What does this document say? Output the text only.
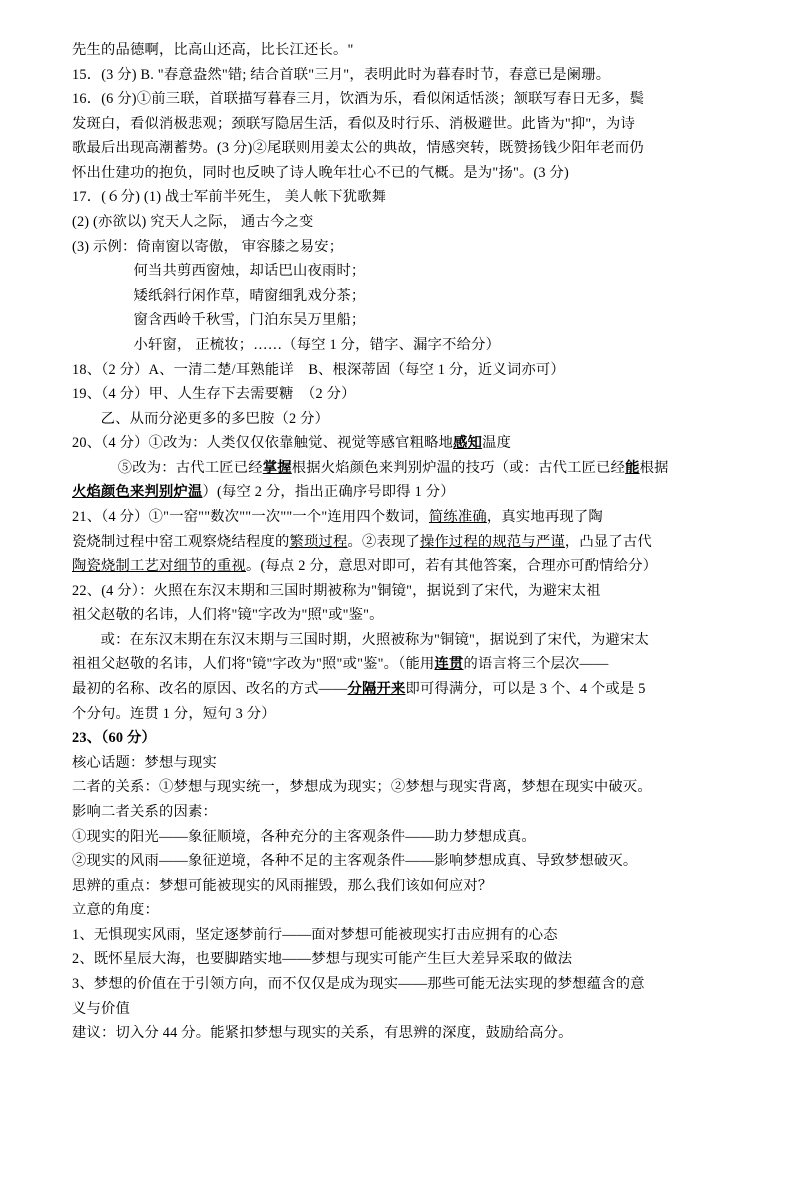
先生的品德啊，比高山还高，比长江还长。"
15．(3 分) B. "春意盎然"错; 结合首联"三月"，表明此时为暮春时节，春意已是阑珊。
16．(6 分)①前三联，首联描写暮春三月，饮酒为乐，看似闲适恬淡；颔联写春日无多，鬓
发斑白，看似消极悲观；颈联写隐居生活，看似及时行乐、消极避世。此皆为"抑"，为诗
歌最后出现高潮蓄势。(3 分)②尾联则用姜太公的典故，情感突转，既赞扬钱少阳年老而仍
怀出仕建功的抱负，同时也反映了诗人晚年壮心不已的气概。是为"扬"。(3 分)
17．(６分) (1) 战士军前半死生， 美人帐下犹歌舞
(2) (亦欲以) 究天人之际， 通古今之变
(3) 示例：倚南窗以寄傲， 审容膝之易安；
何当共剪西窗烛，却话巴山夜雨时；
矮纸斜行闲作草，晴窗细乳戏分茶；
窗含西岭千秋雪，门泊东吴万里船；
小轩窗， 正梳妆；……（每空 1 分，错字、漏字不给分）
18、（2 分）A、一清二楚/耳熟能详　B、根深蒂固（每空 1 分，近义词亦可）
19、（4 分）甲、人生存下去需要糖　（2 分）
乙、从而分泌更多的多巴胺（2 分）
20、（4 分）①改为：人类仅仅依靠触觉、视觉等感官粗略地感知温度
⑤改为：古代工匠已经掌握根据火焰颜色来判别炉温的技巧（或：古代工匠已经能根据
火焰颜色来判别炉温）(每空 2 分，指出正确序号即得 1 分）
21、（4 分）①"一窑""数次""一次""一个"连用四个数词，简练准确，真实地再现了陶
瓷烧制过程中窑工观察烧结程度的繁琐过程。②表现了操作过程的规范与严谨，凸显了古代
陶瓷烧制工艺对细节的重视。(每点 2 分，意思对即可，若有其他答案，合理亦可酌情给分）
22、(4 分）：火照在东汉末期和三国时期被称为"铜镜"，据说到了宋代，为避宋太祖
祖父赵敬的名讳，人们将"镜"字改为"照"或"鉴"。
或：在东汉末期在东汉末期与三国时期，火照被称为"铜镜"，据说到了宋代，为避宋太
祖祖父赵敬的名讳，人们将"镜"字改为"照"或"鉴"。（能用连贯的语言将三个层次——
最初的名称、改名的原因、改名的方式——分隔开来即可得满分，可以是 3 个、4 个或是 5
个分句。连贯 1 分，短句 3 分）
23、（60 分）
核心话题：梦想与现实
二者的关系：①梦想与现实统一，梦想成为现实；②梦想与现实背离，梦想在现实中破灭。
影响二者关系的因素：
①现实的阳光——象征顺境，各种充分的主客观条件——助力梦想成真。
②现实的风雨——象征逆境，各种不足的主客观条件——影响梦想成真、导致梦想破灭。
思辨的重点：梦想可能被现实的风雨摧毁，那么我们该如何应对？
立意的角度：
1、无惧现实风雨，坚定逐梦前行——面对梦想可能被现实打击应拥有的心态
2、既怀星辰大海，也要脚踏实地——梦想与现实可能产生巨大差异采取的做法
3、梦想的价值在于引领方向，而不仅仅是成为现实——那些可能无法实现的梦想蕴含的意
义与价值
建议：切入分 44 分。能紧扣梦想与现实的关系，有思辨的深度，鼓励给高分。
